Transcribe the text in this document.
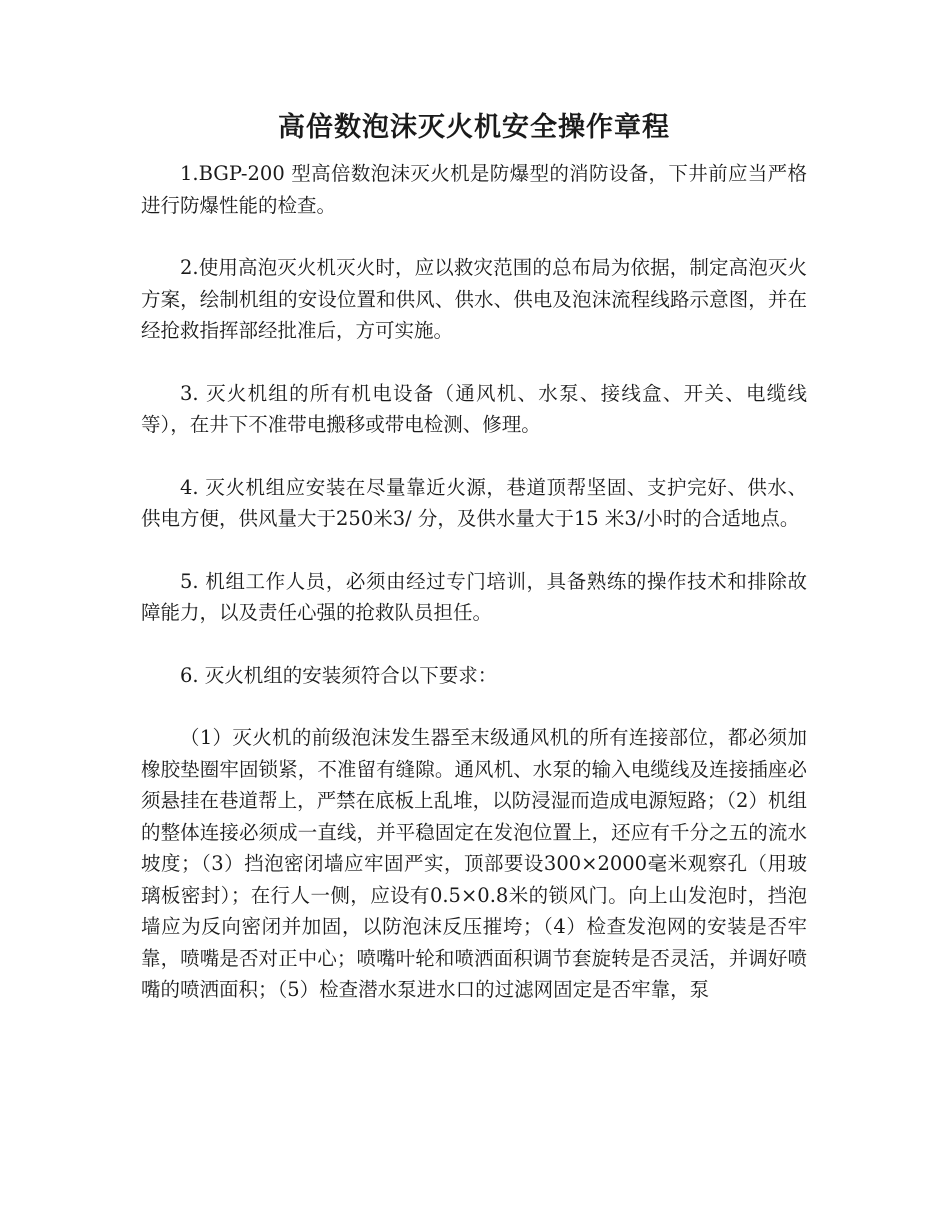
高倍数泡沫灭火机安全操作章程

1.BGP-200 型高倍数泡沫灭火机是防爆型的消防设备，下井前应当严格进行防爆性能的检查。

2.使用高泡灭火机灭火时，应以救灾范围的总布局为依据，制定高泡灭火方案，绘制机组的安设位置和供风、供水、供电及泡沫流程线路示意图，并在经抢救指挥部经批准后，方可实施。

3. 灭火机组的所有机电设备（通风机、水泵、接线盒、开关、电缆线等），在井下不准带电搬移或带电检测、修理。

4. 灭火机组应安装在尽量靠近火源，巷道顶帮坚固、支护完好、供水、供电方便，供风量大于250米3/ 分，及供水量大于15 米3/小时的合适地点。

5. 机组工作人员，必须由经过专门培训，具备熟练的操作技术和排除故障能力，以及责任心强的抢救队员担任。

6. 灭火机组的安装须符合以下要求：

（1）灭火机的前级泡沫发生器至末级通风机的所有连接部位，都必须加橡胶垫圈牢固锁紧，不准留有缝隙。通风机、水泵的输入电缆线及连接插座必须悬挂在巷道帮上，严禁在底板上乱堆，以防浸湿而造成电源短路；（2）机组的整体连接必须成一直线，并平稳固定在发泡位置上，还应有千分之五的流水坡度；（3）挡泡密闭墙应牢固严实，顶部要设300×2000毫米观察孔（用玻璃板密封）；在行人一侧，应设有0.5×0.8米的锁风门。向上山发泡时，挡泡墙应为反向密闭并加固，以防泡沫反压摧垮；（4）检查发泡网的安装是否牢靠，喷嘴是否对正中心；喷嘴叶轮和喷洒面积调节套旋转是否灵活，并调好喷嘴的喷洒面积；（5）检查潜水泵进水口的过滤网固定是否牢靠，泵
